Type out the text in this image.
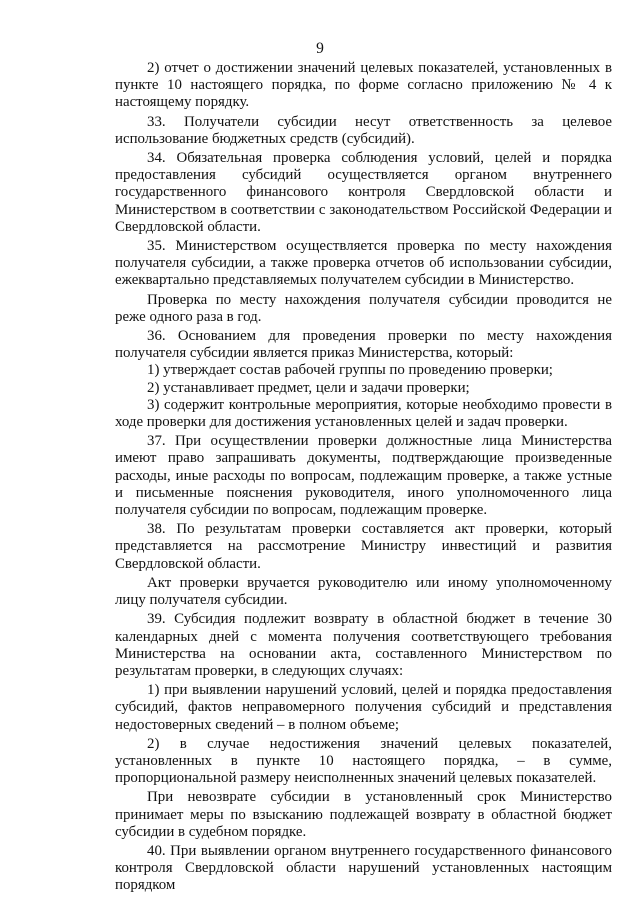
9

2) отчет о достижении значений целевых показателей, установленных в пункте 10 настоящего порядка, по форме согласно приложению № 4 к настоящему порядку.

33. Получатели субсидии несут ответственность за целевое использование бюджетных средств (субсидий).

34. Обязательная проверка соблюдения условий, целей и порядка предоставления субсидий осуществляется органом внутреннего государственного финансового контроля Свердловской области и Министерством в соответствии с законодательством Российской Федерации и Свердловской области.

35. Министерством осуществляется проверка по месту нахождения получателя субсидии, а также проверка отчетов об использовании субсидии, ежеквартально представляемых получателем субсидии в Министерство.

Проверка по месту нахождения получателя субсидии проводится не реже одного раза в год.

36. Основанием для проведения проверки по месту нахождения получателя субсидии является приказ Министерства, который:

1) утверждает состав рабочей группы по проведению проверки;

2) устанавливает предмет, цели и задачи проверки;

3) содержит контрольные мероприятия, которые необходимо провести в ходе проверки для достижения установленных целей и задач проверки.

37. При осуществлении проверки должностные лица Министерства имеют право запрашивать документы, подтверждающие произведенные расходы, иные расходы по вопросам, подлежащим проверке, а также устные и письменные пояснения руководителя, иного уполномоченного лица получателя субсидии по вопросам, подлежащим проверке.

38. По результатам проверки составляется акт проверки, который представляется на рассмотрение Министру инвестиций и развития Свердловской области.

Акт проверки вручается руководителю или иному уполномоченному лицу получателя субсидии.

39. Субсидия подлежит возврату в областной бюджет в течение 30 календарных дней с момента получения соответствующего требования Министерства на основании акта, составленного Министерством по результатам проверки, в следующих случаях:

1) при выявлении нарушений условий, целей и порядка предоставления субсидий, фактов неправомерного получения субсидий и представления недостоверных сведений – в полном объеме;

2) в случае недостижения значений целевых показателей, установленных в пункте 10 настоящего порядка, – в сумме, пропорциональной размеру неисполненных значений целевых показателей.

При невозврате субсидии в установленный срок Министерство принимает меры по взысканию подлежащей возврату в областной бюджет субсидии в судебном порядке.

40. При выявлении органом внутреннего государственного финансового контроля Свердловской области нарушений установленных настоящим порядком
